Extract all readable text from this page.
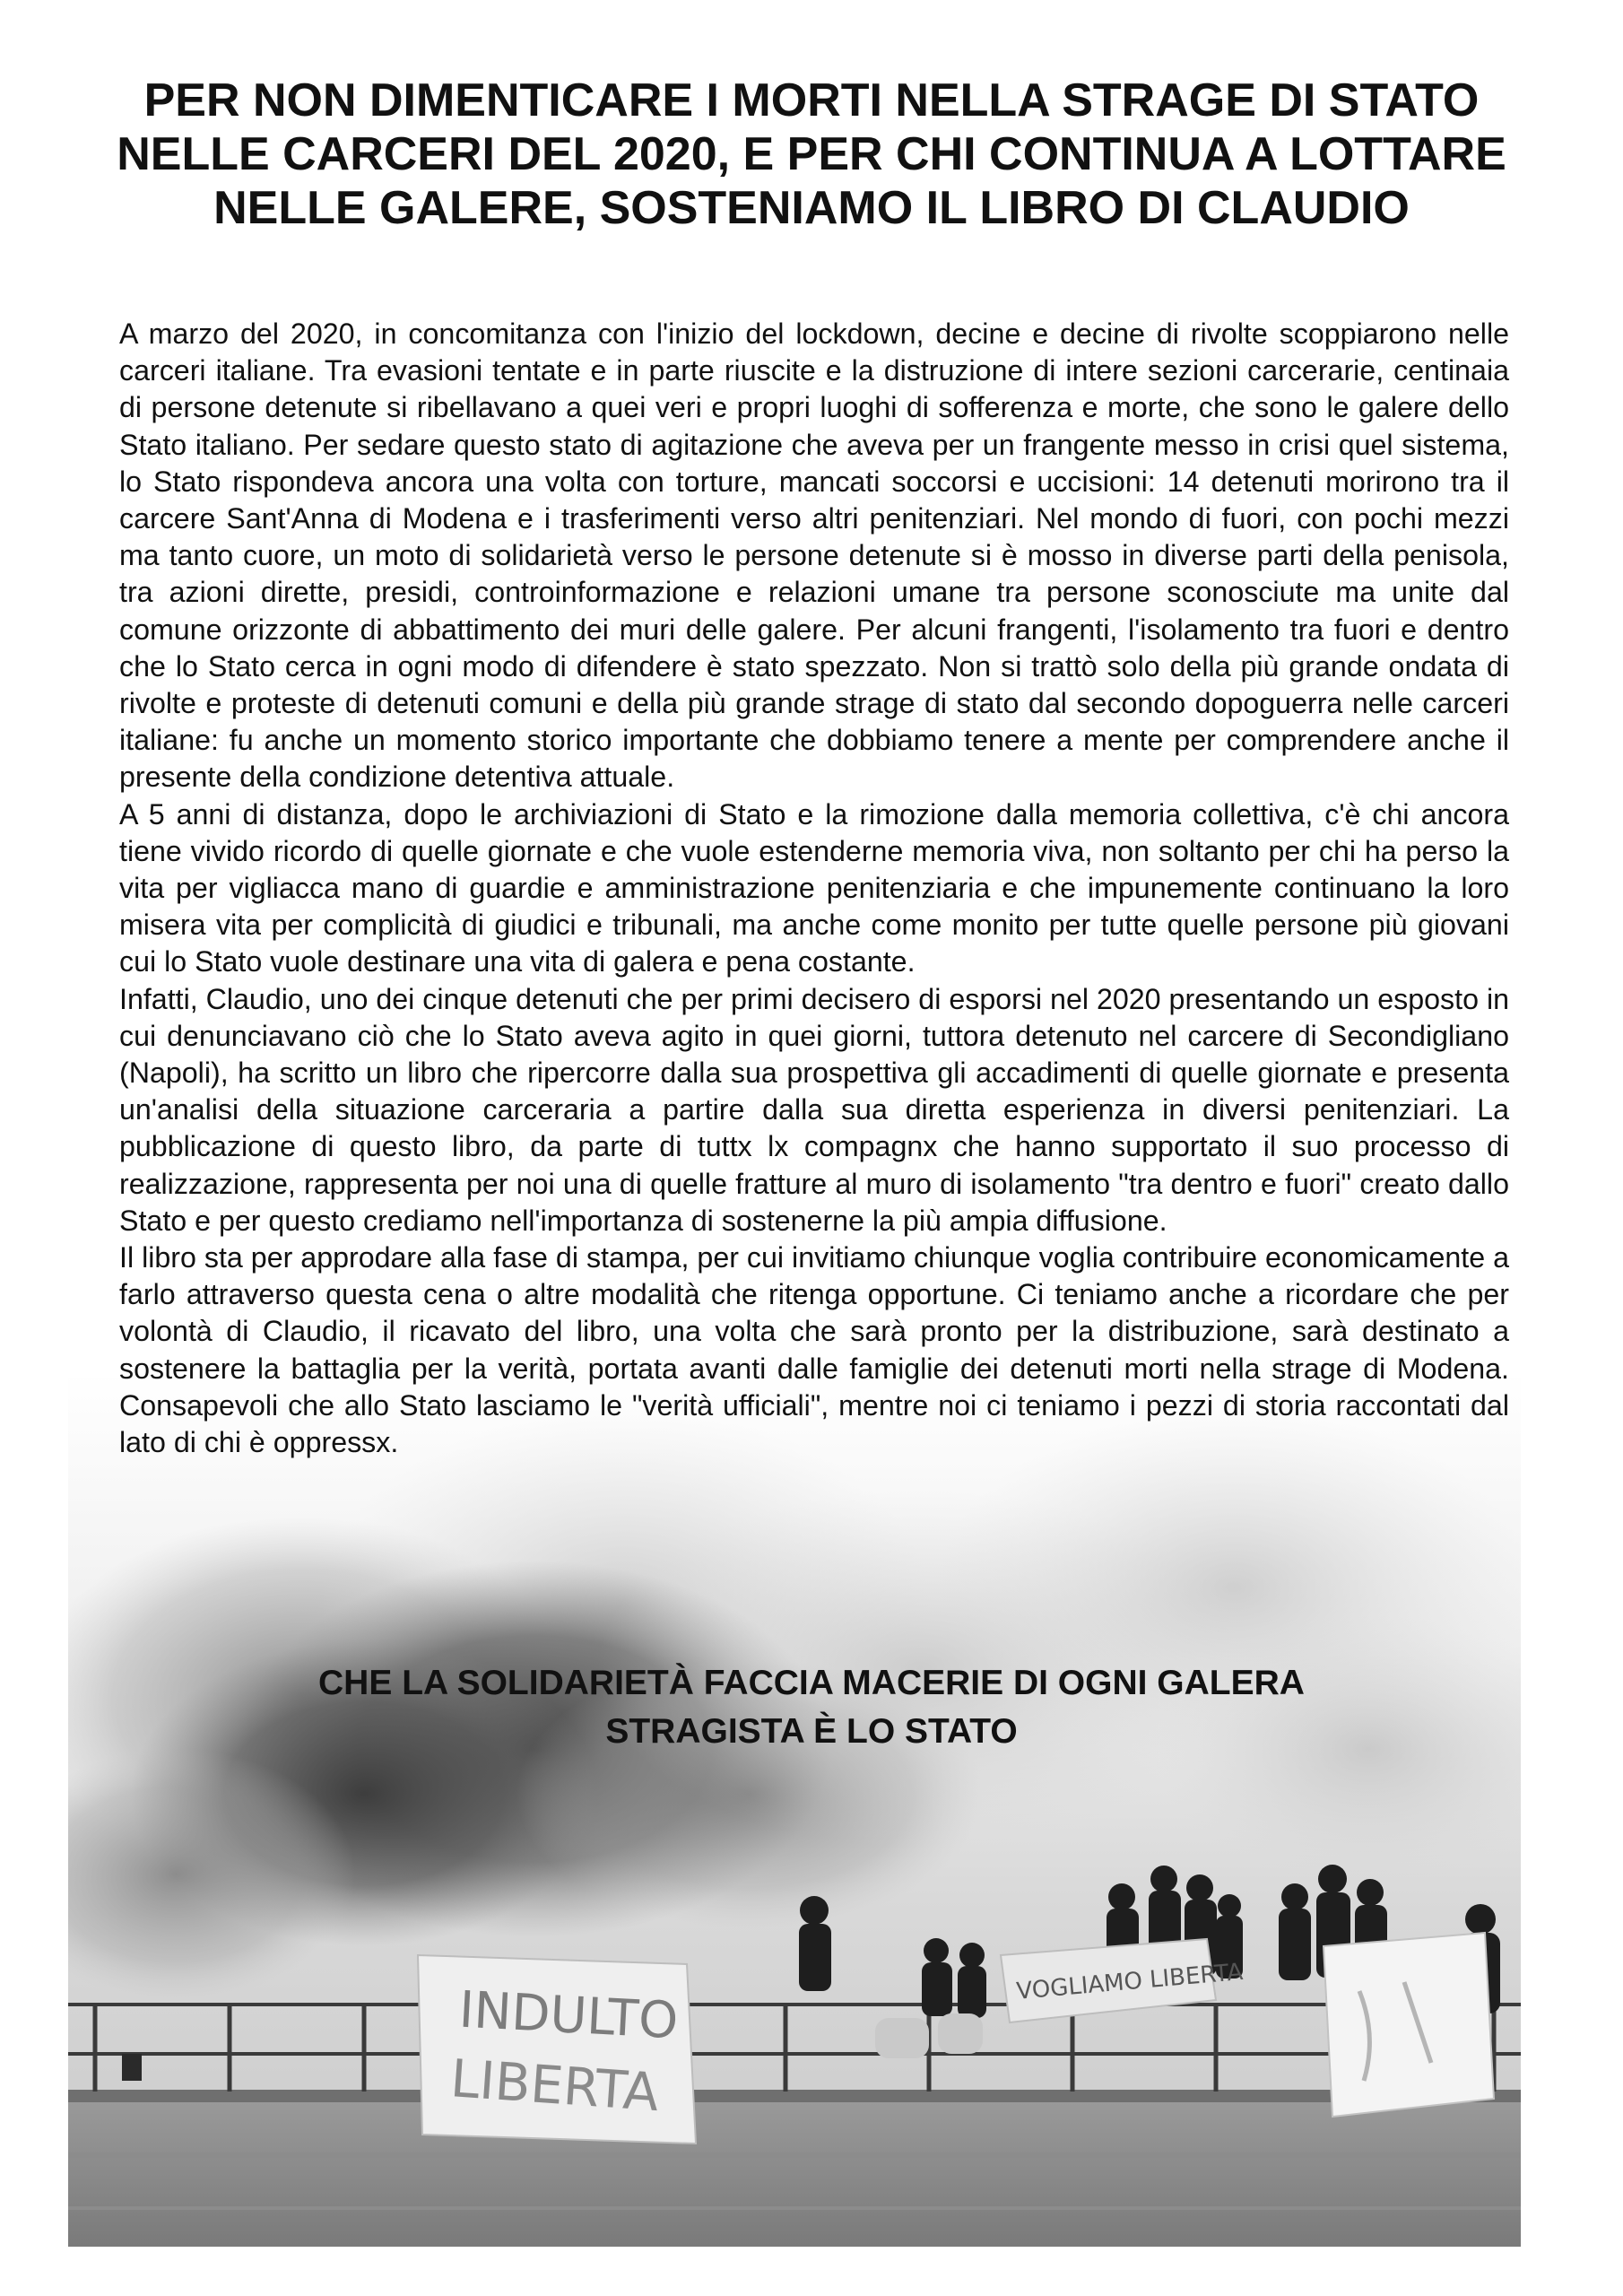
PER NON DIMENTICARE I MORTI NELLA STRAGE DI STATO
NELLE CARCERI DEL 2020, E PER CHI CONTINUA A LOTTARE
NELLE GALERE, SOSTENIAMO IL LIBRO DI CLAUDIO
INDULTO
LIBERTA
VOGLIAMO LIBERTA

A marzo del 2020, in concomitanza con l'inizio del lockdown, decine e decine di rivolte scoppiarono nelle carceri italiane. Tra evasioni tentate e in parte riuscite e la distruzione di intere sezioni carcerarie, centinaia di persone detenute si ribellavano a quei veri e propri luoghi di sofferenza e morte, che sono le galere dello Stato italiano. Per sedare questo stato di agitazione che aveva per un frangente messo in crisi quel sistema, lo Stato rispondeva ancora una volta con torture, mancati soccorsi e uccisioni: 14 detenuti morirono tra il carcere Sant'Anna di Modena e i trasferimenti verso altri penitenziari. Nel mondo di fuori, con pochi mezzi ma tanto cuore, un moto di solidarietà verso le persone detenute si è mosso in diverse parti della penisola, tra azioni dirette, presidi, controinformazione e relazioni umane tra persone sconosciute ma unite dal comune orizzonte di abbattimento dei muri delle galere. Per alcuni frangenti, l'isolamento tra fuori e dentro che lo Stato cerca in ogni modo di difendere è stato spezzato. Non si trattò solo della più grande ondata di rivolte e proteste di detenuti comuni e della più grande strage di stato dal secondo dopoguerra nelle carceri italiane: fu anche un momento storico importante che dobbiamo tenere a mente per comprendere anche il presente della condizione detentiva attuale.

A 5 anni di distanza, dopo le archiviazioni di Stato e la rimozione dalla memoria collettiva, c'è chi ancora tiene vivido ricordo di quelle giornate e che vuole estenderne memoria viva, non soltanto per chi ha perso la vita per vigliacca mano di guardie e amministrazione penitenziaria e che impunemente continuano la loro misera vita per complicità di giudici e tribunali, ma anche come monito per tutte quelle persone più giovani cui lo Stato vuole destinare una vita di galera e pena costante.

Infatti, Claudio, uno dei cinque detenuti che per primi decisero di esporsi nel 2020 presentando un esposto in cui denunciavano ciò che lo Stato aveva agito in quei giorni, tuttora detenuto nel carcere di Secondigliano (Napoli), ha scritto un libro che ripercorre dalla sua prospettiva gli accadimenti di quelle giornate e presenta un'analisi della situazione carceraria a partire dalla sua diretta esperienza in diversi penitenziari. La pubblicazione di questo libro, da parte di tuttx lx compagnx che hanno supportato il suo processo di realizzazione, rappresenta per noi una di quelle fratture al muro di isolamento "tra dentro e fuori" creato dallo Stato e per questo crediamo nell'importanza di sostenerne la più ampia diffusione.

Il libro sta per approdare alla fase di stampa, per cui invitiamo chiunque voglia contribuire economicamente a farlo attraverso questa cena o altre modalità che ritenga opportune. Ci teniamo anche a ricordare che per volontà di Claudio, il ricavato del libro, una volta che sarà pronto per la distribuzione, sarà destinato a sostenere la battaglia per la verità, portata avanti dalle famiglie dei detenuti morti nella strage di Modena. Consapevoli che allo Stato lasciamo le "verità ufficiali", mentre noi ci teniamo i pezzi di storia raccontati dal lato di chi è oppressx.

CHE LA SOLIDARIETÀ FACCIA MACERIE DI OGNI GALERA
STRAGISTA È LO STATO
